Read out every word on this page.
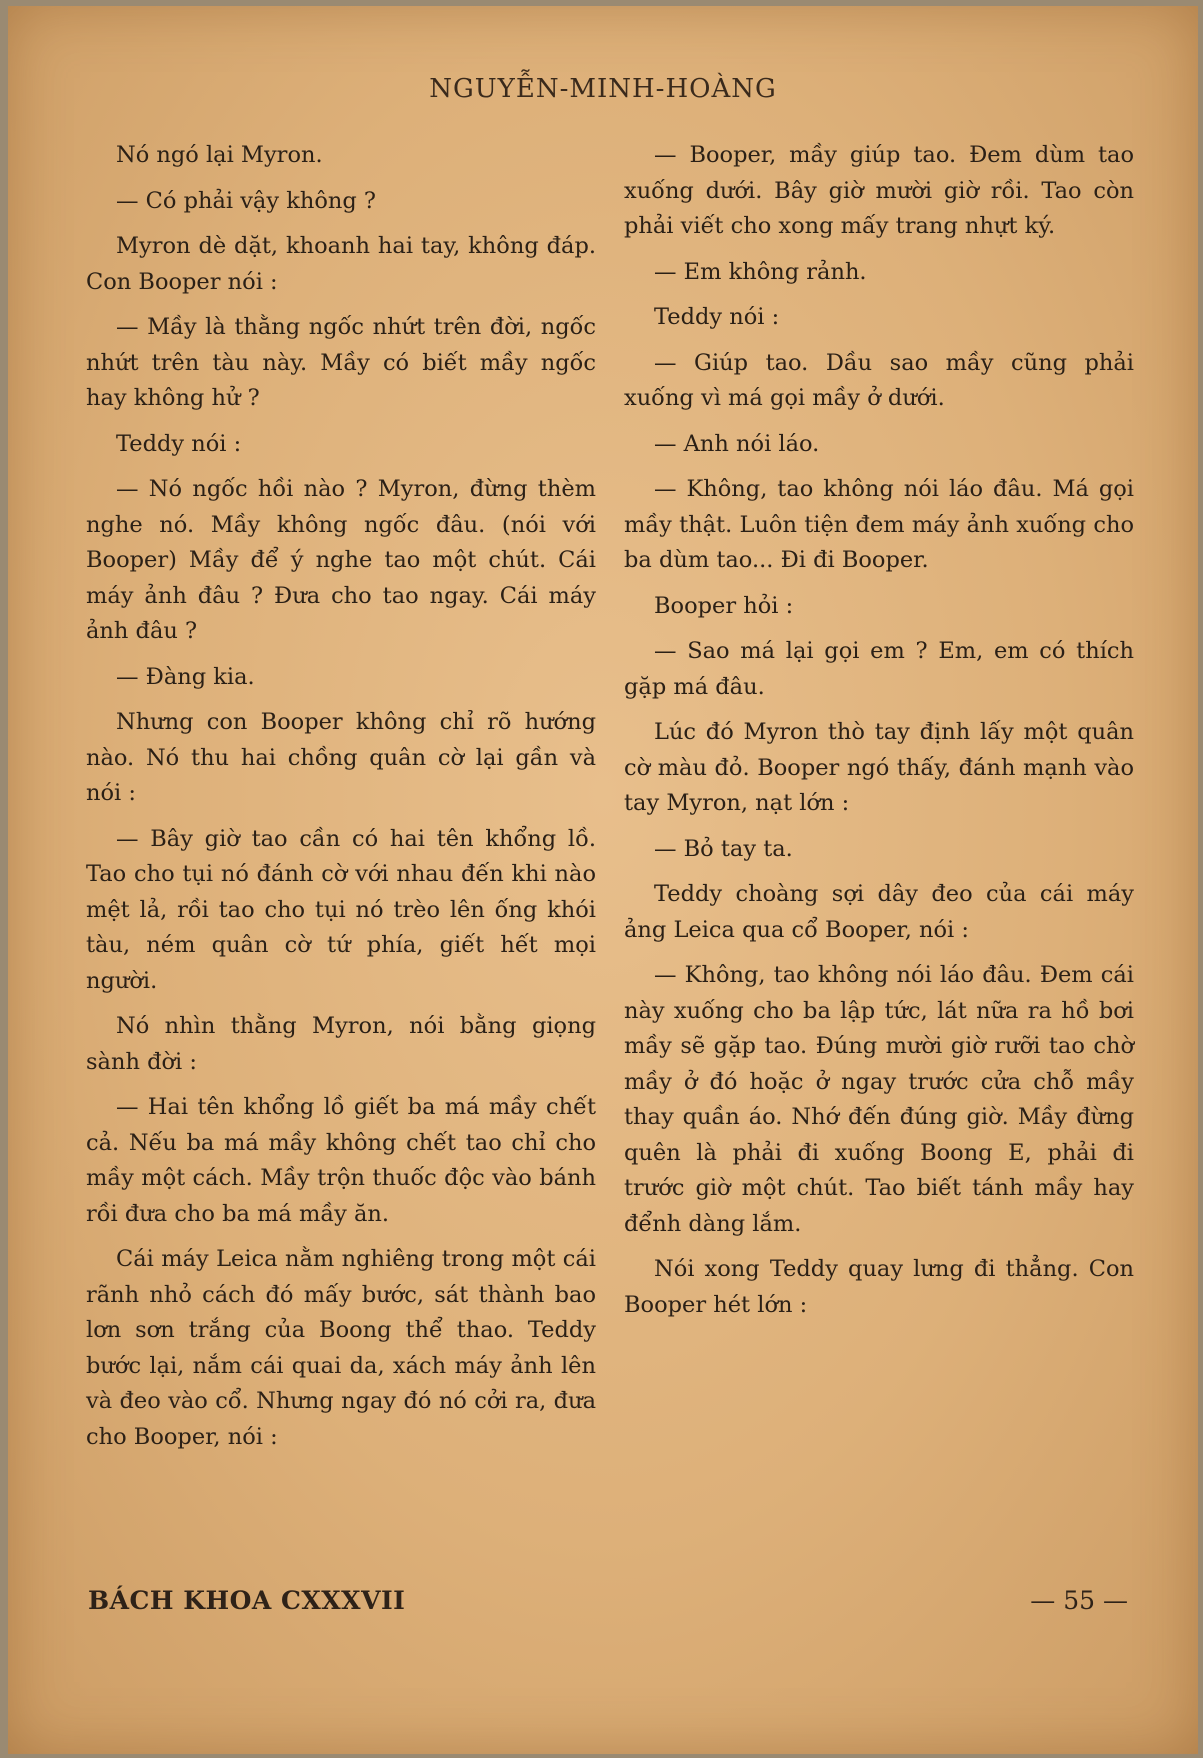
NGUYỄN-MINH-HOÀNG

Nó ngó lại Myron.

— Có phải vậy không ?

Myron dè dặt, khoanh hai tay, không đáp. Con Booper nói :

— Mầy là thằng ngốc nhứt trên đời, ngốc nhứt trên tàu này. Mầy có biết mầy ngốc hay không hử ?

Teddy nói :

— Nó ngốc hồi nào ? Myron, đừng thèm nghe nó. Mầy không ngốc đâu. (nói với Booper) Mầy để ý nghe tao một chút. Cái máy ảnh đâu ? Đưa cho tao ngay. Cái máy ảnh đâu ?

— Đàng kia.

Nhưng con Booper không chỉ rõ hướng nào. Nó thu hai chồng quân cờ lại gần và nói :

— Bây giờ tao cần có hai tên khổng lồ. Tao cho tụi nó đánh cờ với nhau đến khi nào mệt lả, rồi tao cho tụi nó trèo lên ống khói tàu, ném quân cờ tứ phía, giết hết mọi người.

Nó nhìn thằng Myron, nói bằng giọng sành đời :

— Hai tên khổng lồ giết ba má mầy chết cả. Nếu ba má mầy không chết tao chỉ cho mầy một cách. Mầy trộn thuốc độc vào bánh rồi đưa cho ba má mầy ăn.

Cái máy Leica nằm nghiêng trong một cái rãnh nhỏ cách đó mấy bước, sát thành bao lơn sơn trắng của Boong thể thao. Teddy bước lại, nắm cái quai da, xách máy ảnh lên và đeo vào cổ. Nhưng ngay đó nó cởi ra, đưa cho Booper, nói :

— Booper, mầy giúp tao. Đem dùm tao xuống dưới. Bây giờ mười giờ rồi. Tao còn phải viết cho xong mấy trang nhựt ký.

— Em không rảnh.

Teddy nói :

— Giúp tao. Dầu sao mầy cũng phải xuống vì má gọi mầy ở dưới.

— Anh nói láo.

— Không, tao không nói láo đâu. Má gọi mầy thật. Luôn tiện đem máy ảnh xuống cho ba dùm tao... Đi đi Booper.

Booper hỏi :

— Sao má lại gọi em ? Em, em có thích gặp má đâu.

Lúc đó Myron thò tay định lấy một quân cờ màu đỏ. Booper ngó thấy, đánh mạnh vào tay Myron, nạt lớn :

— Bỏ tay ta.

Teddy choàng sợi dây đeo của cái máy ảng Leica qua cổ Booper, nói :

— Không, tao không nói láo đâu. Đem cái này xuống cho ba lập tức, lát nữa ra hồ bơi mầy sẽ gặp tao. Đúng mười giờ rưỡi tao chờ mầy ở đó hoặc ở ngay trước cửa chỗ mầy thay quần áo. Nhớ đến đúng giờ. Mầy đừng quên là phải đi xuống Boong E, phải đi trước giờ một chút. Tao biết tánh mầy hay đểnh dàng lắm.

Nói xong Teddy quay lưng đi thẳng. Con Booper hét lớn :

BÁCH KHOA CXXXVII	— 55 —
